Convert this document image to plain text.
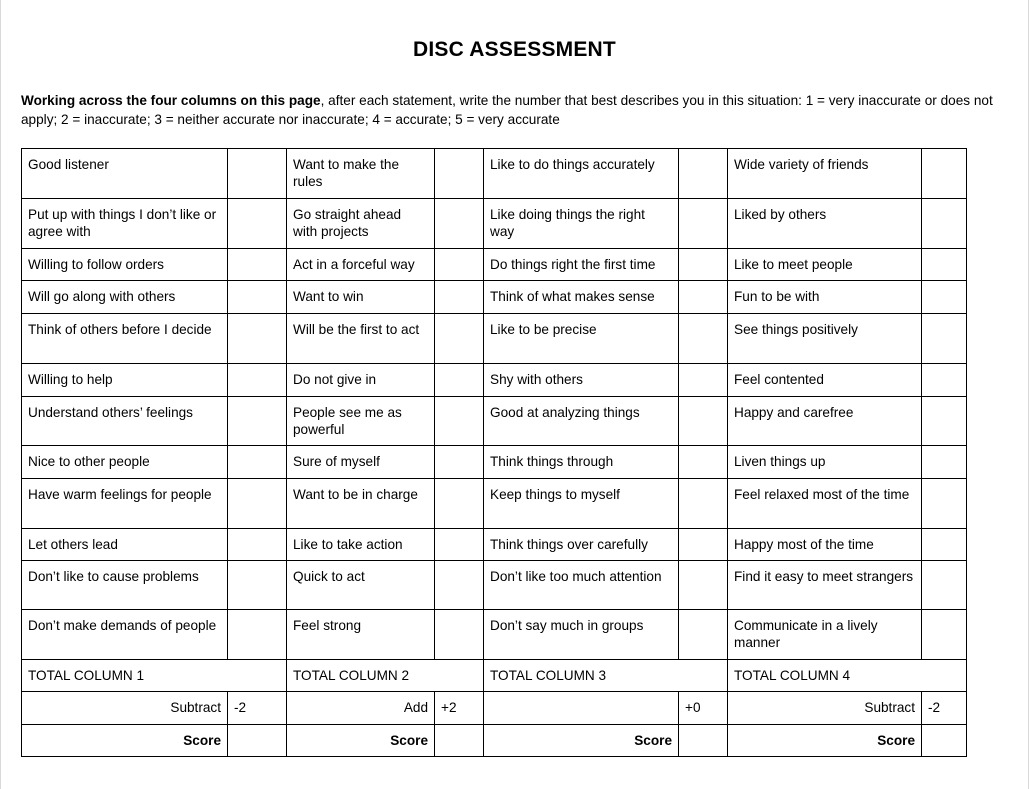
DISC ASSESSMENT

Working across the four columns on this page, after each statement, write the number that best describes you in this situation: 1 = very inaccurate or does not apply; 2 = inaccurate; 3 = neither accurate nor inaccurate; 4 = accurate; 5 = very accurate

Good listener		Want to make the rules		Like to do things accurately		Wide variety of friends	
Put up with things I don’t like or agree with		Go straight ahead with projects		Like doing things the right way		Liked by others	
Willing to follow orders		Act in a forceful way		Do things right the first time		Like to meet people	
Will go along with others		Want to win		Think of what makes sense		Fun to be with	
Think of others before I decide		Will be the first to act		Like to be precise		See things positively	
Willing to help		Do not give in		Shy with others		Feel contented	
Understand others’ feelings		People see me as powerful		Good at analyzing things		Happy and carefree	
Nice to other people		Sure of myself		Think things through		Liven things up	
Have warm feelings for people		Want to be in charge		Keep things to myself		Feel relaxed most of the time	
Let others lead		Like to take action		Think things over carefully		Happy most of the time	
Don’t like to cause problems		Quick to act		Don’t like too much attention		Find it easy to meet strangers	
Don’t make demands of people		Feel strong		Don’t say much in groups		Communicate in a lively manner	
TOTAL COLUMN 1		TOTAL COLUMN 2		TOTAL COLUMN 3		TOTAL COLUMN 4	
Subtract	-2	Add	+2		+0	Subtract	-2
Score		Score		Score		Score	
